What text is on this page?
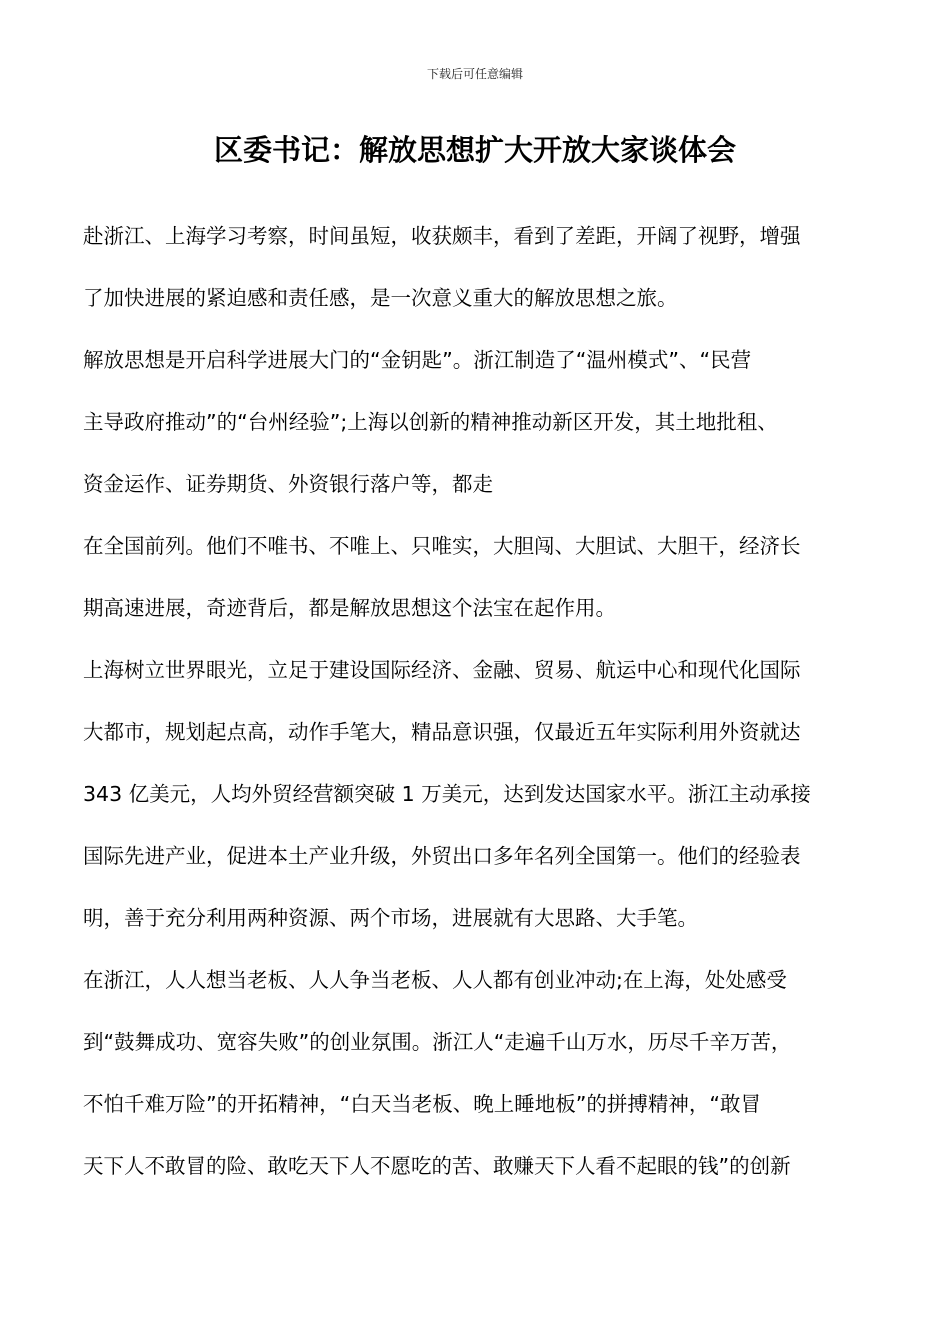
下载后可任意编辑
区委书记：解放思想扩大开放大家谈体会
赴浙江、上海学习考察，时间虽短，收获颇丰，看到了差距，开阔了视野，增强
了加快进展的紧迫感和责任感，是一次意义重大的解放思想之旅。
解放思想是开启科学进展大门的“金钥匙”。浙江制造了“温州模式”、“民营
主导政府推动”的“台州经验”;上海以创新的精神推动新区开发，其土地批租、
资金运作、证券期货、外资银行落户等，都走
在全国前列。他们不唯书、不唯上、只唯实，大胆闯、大胆试、大胆干，经济长
期高速进展，奇迹背后，都是解放思想这个法宝在起作用。
上海树立世界眼光，立足于建设国际经济、金融、贸易、航运中心和现代化国际
大都市，规划起点高，动作手笔大，精品意识强，仅最近五年实际利用外资就达
343 亿美元，人均外贸经营额突破 1 万美元，达到发达国家水平。浙江主动承接
国际先进产业，促进本土产业升级，外贸出口多年名列全国第一。他们的经验表
明，善于充分利用两种资源、两个市场，进展就有大思路、大手笔。
在浙江，人人想当老板、人人争当老板、人人都有创业冲动;在上海，处处感受
到“鼓舞成功、宽容失败”的创业氛围。浙江人“走遍千山万水，历尽千辛万苦，
不怕千难万险”的开拓精神，“白天当老板、晚上睡地板”的拼搏精神，“敢冒
天下人不敢冒的险、敢吃天下人不愿吃的苦、敢赚天下人看不起眼的钱”的创新
